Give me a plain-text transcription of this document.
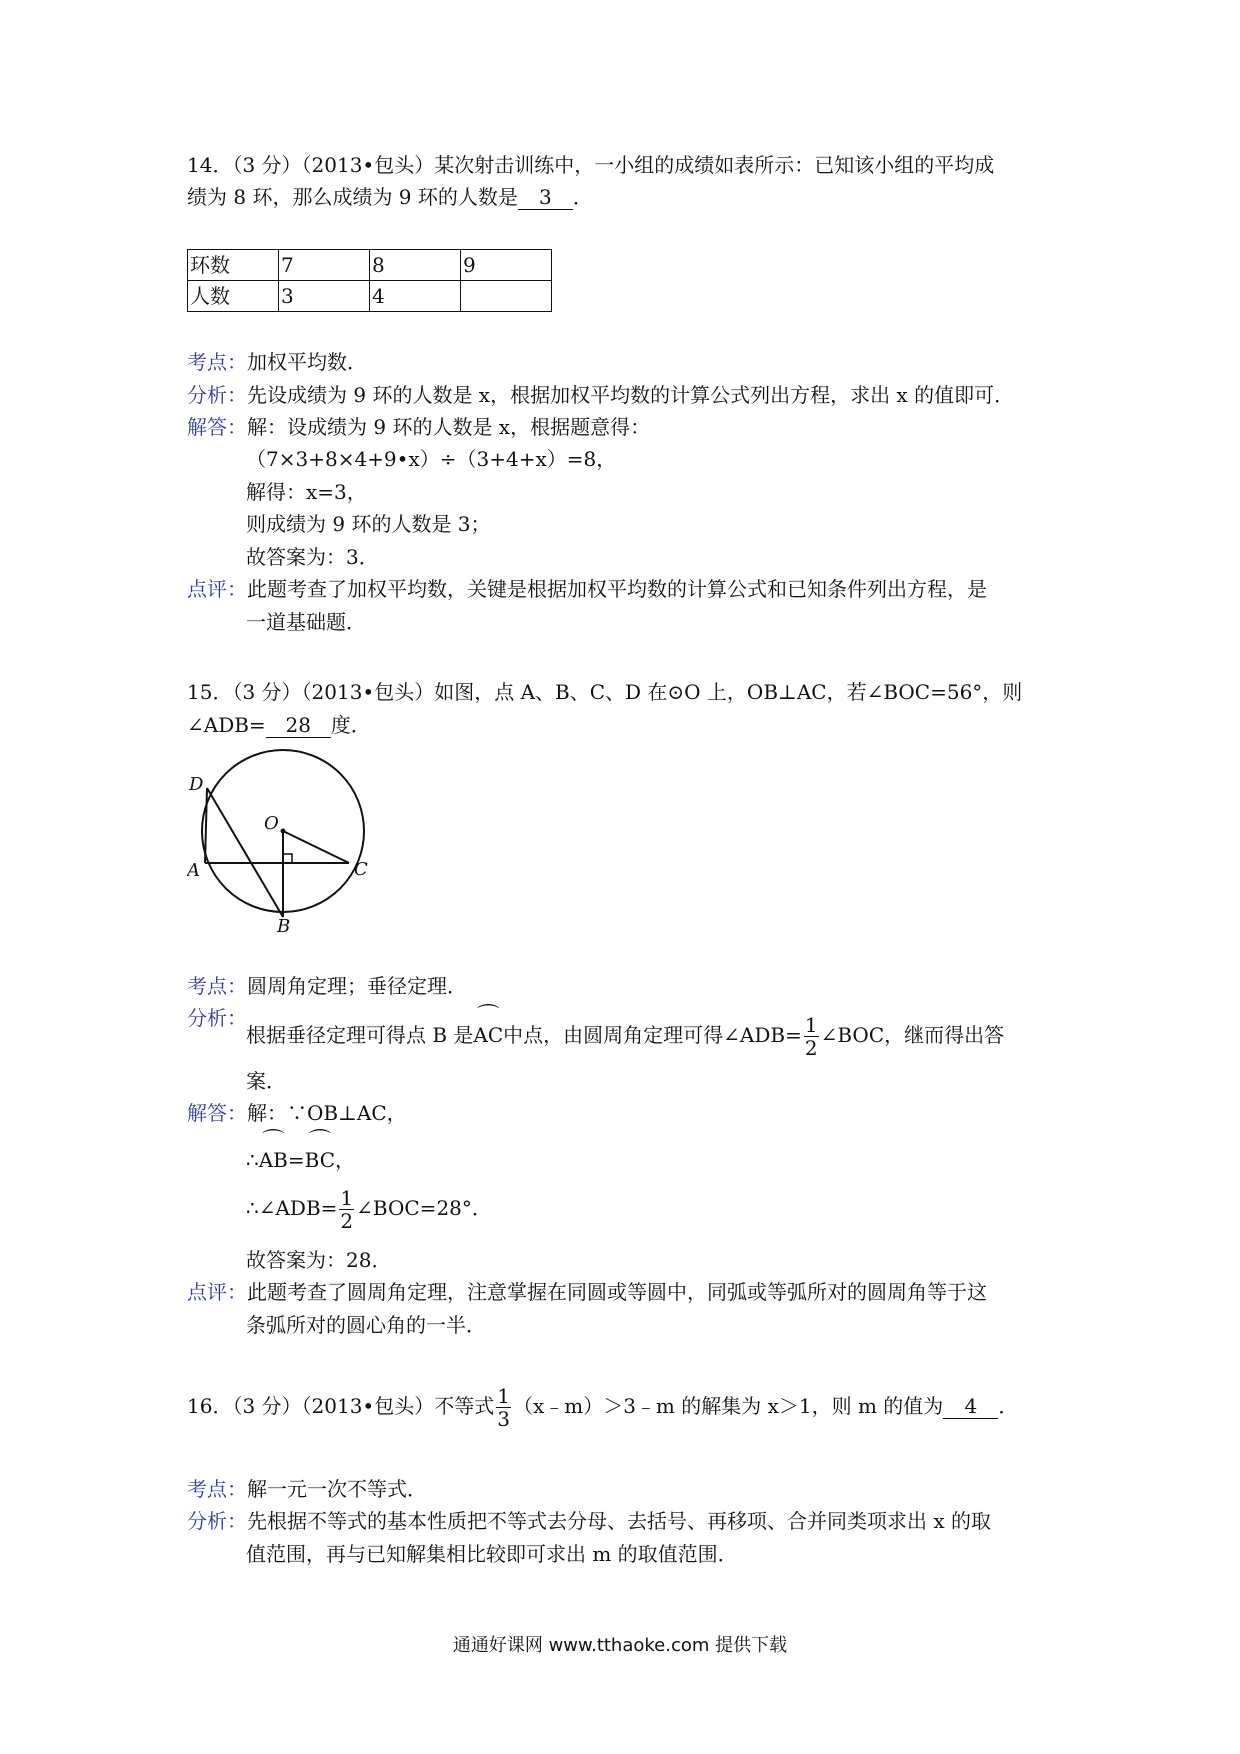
14．（3 分）（2013•包头）某次射击训练中，一小组的成绩如表所示：已知该小组的平均成
绩为 8 环，那么成绩为 9 环的人数是 3 ．
环数	7	8	9
人数	3	4	
考点：加权平均数．
分析：先设成绩为 9 环的人数是 x，根据加权平均数的计算公式列出方程，求出 x 的值即可．
解答：解：设成绩为 9 环的人数是 x，根据题意得：
（7×3+8×4+9•x）÷（3+4+x）=8，
解得：x=3，
则成绩为 9 环的人数是 3；
故答案为：3．
点评：此题考查了加权平均数，关键是根据加权平均数的计算公式和已知条件列出方程，是
一道基础题．
15．（3 分）（2013•包头）如图，点 A、B、C、D 在⊙O 上，OB⊥AC，若∠BOC=56°，则
∠ADB= 28 度．
D
O
A	C
B
考点：圆周角定理；垂径定理．
分析：
根据垂径定理可得点 B 是⌒ AC中点，由圆周角定理可得∠ADB= $\frac{1}{2}$ ∠BOC，继而得出答
案．
解答：解：∵OB⊥AC，
∴⌒ AB=⌒ BC，
∴∠ADB= $\frac{1}{2}$ ∠BOC=28°．
故答案为：28．
点评：此题考查了圆周角定理，注意掌握在同圆或等圆中，同弧或等弧所对的圆周角等于这
条弧所对的圆心角的一半．
16．（3 分）（2013•包头）不等式 $\frac{1}{3}$ （x﹣m）＞3﹣m 的解集为 x＞1，则 m 的值为 4 ．
考点：解一元一次不等式．
分析：先根据不等式的基本性质把不等式去分母、去括号、再移项、合并同类项求出 x 的取
值范围，再与已知解集相比较即可求出 m 的取值范围．
通通好课网 www.tthaoke.com 提供下载
